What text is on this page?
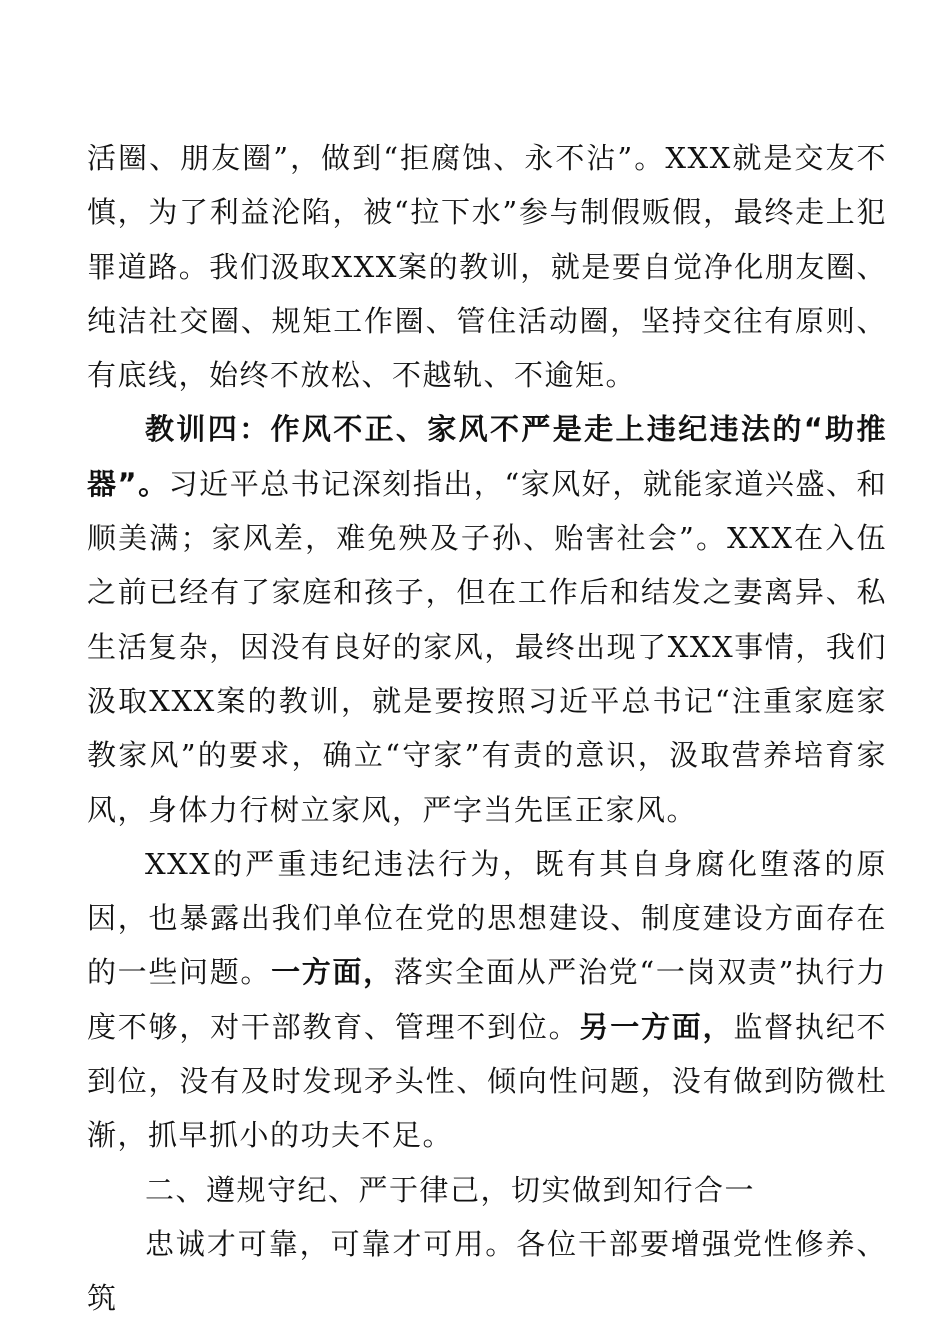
活圈、朋友圈”，做到“拒腐蚀、永不沾”。XXX就是交友不慎，为了利益沦陷，被“拉下水”参与制假贩假，最终走上犯罪道路。我们汲取XXX案的教训，就是要自觉净化朋友圈、纯洁社交圈、规矩工作圈、管住活动圈，坚持交往有原则、有底线，始终不放松、不越轨、不逾矩。

教训四：作风不正、家风不严是走上违纪违法的“助推器”。习近平总书记深刻指出，“家风好，就能家道兴盛、和顺美满；家风差，难免殃及子孙、贻害社会”。XXX在入伍之前已经有了家庭和孩子，但在工作后和结发之妻离异、私生活复杂，因没有良好的家风，最终出现了XXX事情，我们汲取XXX案的教训，就是要按照习近平总书记“注重家庭家教家风”的要求，确立“守家”有责的意识，汲取营养培育家风，身体力行树立家风，严字当先匡正家风。

XXX的严重违纪违法行为，既有其自身腐化堕落的原因，也暴露出我们单位在党的思想建设、制度建设方面存在的一些问题。一方面，落实全面从严治党“一岗双责”执行力度不够，对干部教育、管理不到位。另一方面，监督执纪不到位，没有及时发现矛头性、倾向性问题，没有做到防微杜渐，抓早抓小的功夫不足。

二、遵规守纪、严于律己，切实做到知行合一

忠诚才可靠，可靠才可用。各位干部要增强党性修养、筑
